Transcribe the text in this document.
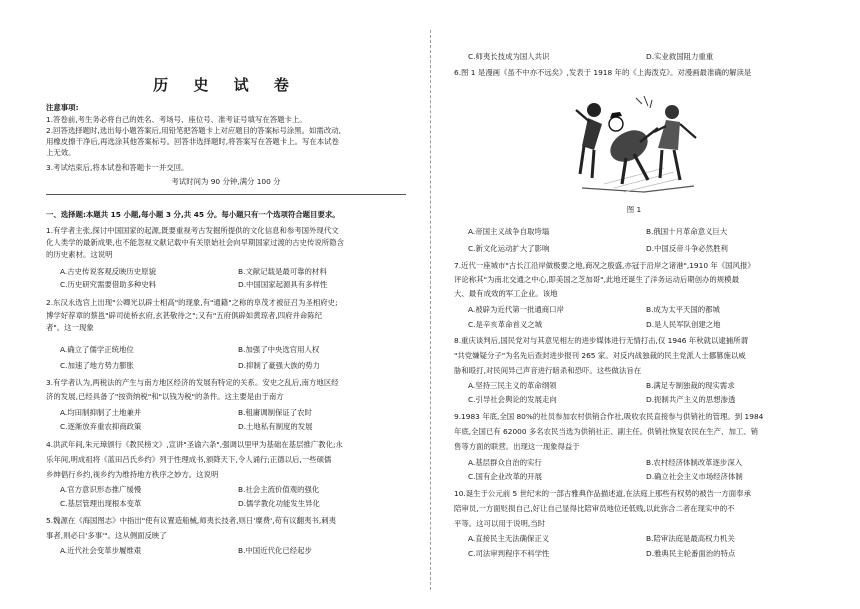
历 史 试 卷
注意事项:
1.答卷前,考生务必将自己的姓名、考场号、座位号、准考证号填写在答题卡上。
2.回答选择题时,选出每小题答案后,用铅笔把答题卡上对应题目的答案标号涂黑。如需改动,
用橡皮擦干净后,再选涂其他答案标号。回答非选择题时,将答案写在答题卡上。写在本试卷
上无效。
3.考试结束后,将本试卷和答题卡一并交回。
考试时间为 90 分钟,满分 100 分
一、选择题:本题共 15 小题,每小题 3 分,共 45 分。每小题只有一个选项符合题目要求。
1.有学者主张,探讨中国国家的起源,既要重视考古发掘所提供的文化信息和参考国外现代文
化人类学的最新成果,也不能忽视文献记载中有关原始社会向早期国家过渡的古史传说所隐含
的历史素材。这说明
A.古史传说客观反映历史原貌	B.文献记载是最可靠的材料
C.历史研究需要借助多种史料	D.中国国家起源具有多样性
2.东汉永选官上出现"公卿光以辟士相高"的现象,有"通籍"之称的阜茂才被征召为圣相府史;
博学好荐章的蔡邕"辟司徒桥玄府,玄甚敬待之";又有"五府俱辟如黄琼者,四府并命陈纪
者"。这一现象
A.确立了儒学正统地位	B.加强了中央选官用人权
C.加速了地方势力膨胀	D.抑制了豪强大族的势力
3.有学者认为,两税法的产生与南方地区经济的发展有特定的关系。安史之乱后,南方地区经
济的发展,已经具备了"按资纳税"和"以钱为税"的条件。这主要是由于南方
A.均田制抑制了土地兼并	B.租庸调制保证了农时
C.逐渐放弃重农抑商政策	D.土地私有制度的发展
4.洪武年间,朱元璋颁行《教民榜文》,宣讲"圣谕六条",强调以里甲为基础在基层推广教化;永
乐年间,明成祖将《蓝田吕氏乡约》列于性理成书,颁降天下,令人诵行;正德以后,一些硕儒
乡绅倡行乡约,视乡约为维持地方秩序之妙方。这说明
A.官方意识形态推广缓慢	B.社会主流价值观的强化
C.基层管理出现根本变革	D.儒学教化功能发生异化
5.魏源在《海国图志》中指出"使有议置造船械,师夷长技者,则日'糜费',苟有议翻夷书,刺夷
事者,则必曰'多事'"。这从侧面反映了
A.近代社会变革步履维艰	B.中国近代化已经起步
C.师夷长技成为国人共识	D.实业救国阻力重重
6.图 1 是漫画《虽不中亦不远矣》,发表于 1918 年的《上海泼克》。对漫画最准确的解读是
图 1
A.帝国主义战争自取垮塌	B.俄国十月革命意义巨大
C.新文化运动扩大了影响	D.中国反帝斗争必然胜利
7.近代一座城市"古长江沿岸做极要之地,商况之殷盛,亦冠于沿岸之诸港",1910 年《国风报》
评论称其"为南北交通之中心,即美国之芝加哥",此地还诞生了洋务运动后期创办的规模最
大、最有成效的军工企业。该地
A.被辟为近代第一批通商口岸	B.成为太平天国的都城
C.是辛亥革命首义之城	D.是人民军队创建之地
8.重庆谈判后,国民党对与其意见相左的进步媒体进行无情打击,仅 1946 年秋就以逮捕所谓
"共党嫌疑分子"为名先后查封进步报刊 265 家。对反内战独裁的民主党派人士挪篡施以威
胁和殴打,对民间异己声音进行暗杀和恐吓。这些做法旨在
A.坚持三民主义的革命纲领	B.满足专制独裁的现实需求
C.引导社会舆论的发展走向	D.扼制共产主义的思想渗透
9.1983 年底,全国 80%的社员参加农村供销合作社,吸收农民直接参与供销社的管理。到 1984
年底,全国已有 62000 多名农民当选为供销社正、副主任。供销社恢复农民在生产、加工、销
售等方面的联营。出现这一现象得益于
A.基层群众自治的实行	B.农村经济体制改革逐步深入
C.国有企业改革的开展	D.确立社会主义市场经济体制
10.诞生于公元前 5 世纪末的一部古雅典作品描述道,在法庭上那些有权势的被告一方面奉承
陪审员,一方面贬损自己,好让自己显得比陪审员地位还低贱,以此弥合二者在现实中的不
平等。这可以用于说明,当时
A.直接民主无法确保正义	B.陪审法庭是最高权力机关
C.司法审判程序不科学性	D.雅典民主轮番面治的特点
